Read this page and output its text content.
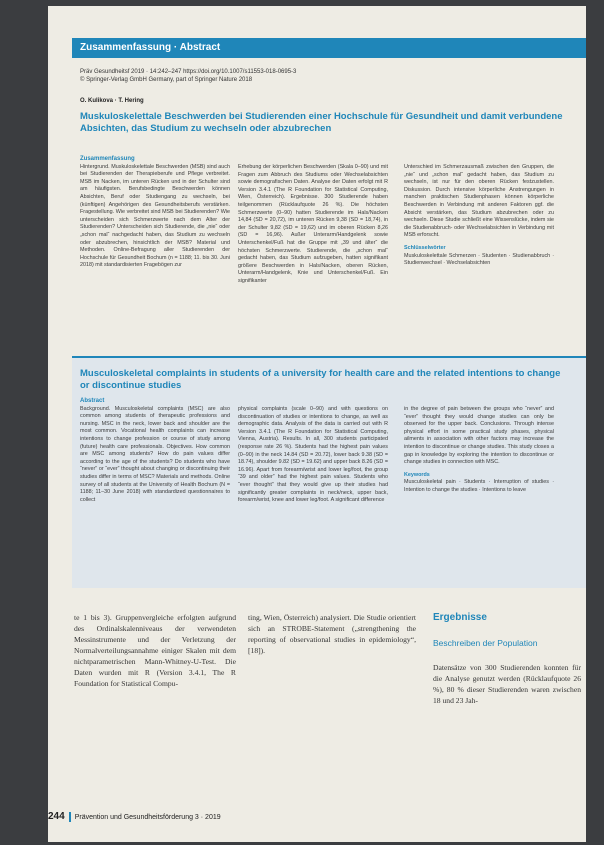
Zusammenfassung · Abstract
Präv Gesundheitsf 2019 · 14:242–247 https://doi.org/10.1007/s11553-018-0695-3
© Springer-Verlag GmbH Germany, part of Springer Nature 2018
O. Kulikova · T. Hering
Muskuloskelettale Beschwerden bei Studierenden einer Hochschule für Gesundheit und damit verbundene Absichten, das Studium zu wechseln oder abzubrechen
Zusammenfassung
Hintergrund. Muskuloskelettale Beschwerden (MSB) sind auch bei Studierenden der Therapieberufe und Pflege verbreitet. MSB im Nacken, im unteren Rücken und in der Schulter sind am häufigsten. Berufsbedingte Beschwerden können Absichten, Beruf oder Studiengang zu wechseln, bei (künftigen) Angehörigen des Gesundheitsberufs verstärken. Fragestellung. Wie verbreitet sind MSB bei Studierenden? Wie unterscheiden sich Schmerzwerte nach dem Alter der Studierenden? Unterscheiden sich Studierende, die „nie“ oder „schon mal“ nachgedacht haben, das Studium zu wechseln oder abzubrechen, hinsichtlich der MSB? Material und Methoden. Online-Befragung aller Studierenden der Hochschule für Gesundheit Bochum (n = 1188; 11. bis 30. Juni 2018) mit standardisierten Fragebögen zur
Erhebung der körperlichen Beschwerden (Skala 0–90) und mit Fragen zum Abbruch des Studiums oder Wechselabsichten sowie demografischen Daten. Analyse der Daten erfolgt mit R Version 3.4.1 (The R Foundation for Statistical Computing, Wien, Österreich). Ergebnisse. 300 Studierende haben teilgenommen (Rücklaufquote 26 %). Die höchsten Schmerzwerte (0–90) hatten Studierende im Hals/Nacken 14,84 (SD = 20,72), im unteren Rücken 9,38 (SD = 18,74), in der Schulter 9,82 (SD = 19,62) und im oberen Rücken 8,26 (SD = 16,96). Außer Unterarm/Handgelenk sowie Unterschenkel/Fuß hat die Gruppe mit „39 und älter“ die höchsten Schmerzwerte. Studierende, die „schon mal“ gedacht haben, das Studium aufzugeben, hatten signifikant größere Beschwerden in Hals/Nacken, oberen Rücken, Unterarm/Handgelenk, Knie und Unterschenkel/Fuß. Ein signifikanter
Unterschied im Schmerzausmaß zwischen den Gruppen, die „nie“ und „schon mal“ gedacht haben, das Studium zu wechseln, ist nur für den oberen Rücken festzustellen. Diskussion. Durch intensive körperliche Anstrengungen in manchen praktischen Studienphasen können körperliche Beschwerden in Verbindung mit anderen Faktoren ggf. die Absicht verstärken, das Studium abzubrechen oder zu wechseln. Diese Studie schließt eine Wissenslücke, indem sie die Studienabbruch- oder Wechselabsichten in Verbindung mit MSB erforscht.
Schlüsselwörter
Muskuloskelettale Schmerzen · Studenten · Studienabbruch · Studienwechsel · Wechselabsichten
Musculoskeletal complaints in students of a university for health care and the related intentions to change or discontinue studies
Abstract
Background. Musculoskeletal complaints (MSC) are also common among students of therapeutic professions and nursing. MSC in the neck, lower back and shoulder are the most common. Vocational health complaints can increase intentions to change profession or course of study among (future) health care professionals. Objectives. How common are MSC among students? How do pain values differ according to the age of the students? Do students who have “never” or “ever” thought about changing or discontinuing their studies differ in terms of MSC? Materials and methods. Online survey of all students at the University of Health Bochum (N = 1188; 11–30 June 2018) with standardized questionnaires to collect
physical complaints (scale 0–90) and with questions on discontinuation of studies or intentions to change, as well as demographic data. Analysis of the data is carried out with R Version 3.4.1 (The R Foundation for Statistical Computing, Vienna, Austria). Results. In all, 300 students participated (response rate 26 %). Students had the highest pain values (0–90) in the neck 14.84 (SD = 20.72), lower back 9.38 (SD = 18.74), shoulder 9.82 (SD = 19.62) and upper back 8.26 (SD = 16.96). Apart from forearm/wrist and lower leg/foot, the group “39 and older” had the highest pain values. Students who “ever thought” that they would give up their studies had significantly greater complaints in neck/neck, upper back, forearm/wrist, knee and lower leg/foot. A significant difference
in the degree of pain between the groups who “never” and “ever” thought they would change studies can only be observed for the upper back. Conclusions. Through intense physical effort in some practical study phases, physical ailments in association with other factors may increase the intention to discontinue or change studies. This study closes a gap in knowledge by exploring the intention to discontinue or change studies in connection with MSC.
Keywords
Musculoskeletal pain · Students · Interruption of studies · Intention to change the studies · Intentions to leave
te 1 bis 3). Gruppenvergleiche erfolgten aufgrund des Ordinalskalenniveaus der verwendeten Messinstrumente und der Verletzung der Normalverteilungsannahme einiger Skalen mit dem nichtparametrischen Mann-Whitney-U-Test. Die Daten wurden mit R (Version 3.4.1, The R Foundation for Statistical Compu-
ting, Wien, Österreich) analysiert. Die Studie orientiert sich an STROBE-Statement („strengthening the reporting of observational studies in epidemiology“, [18]).
Ergebnisse
Beschreiben der Population
Datensätze von 300 Studierenden konnten für die Analyse genutzt werden (Rücklaufquote 26 %), 80 % dieser Studierenden waren zwischen 18 und 23 Jah-
244 Prävention und Gesundheitsförderung 3 · 2019
